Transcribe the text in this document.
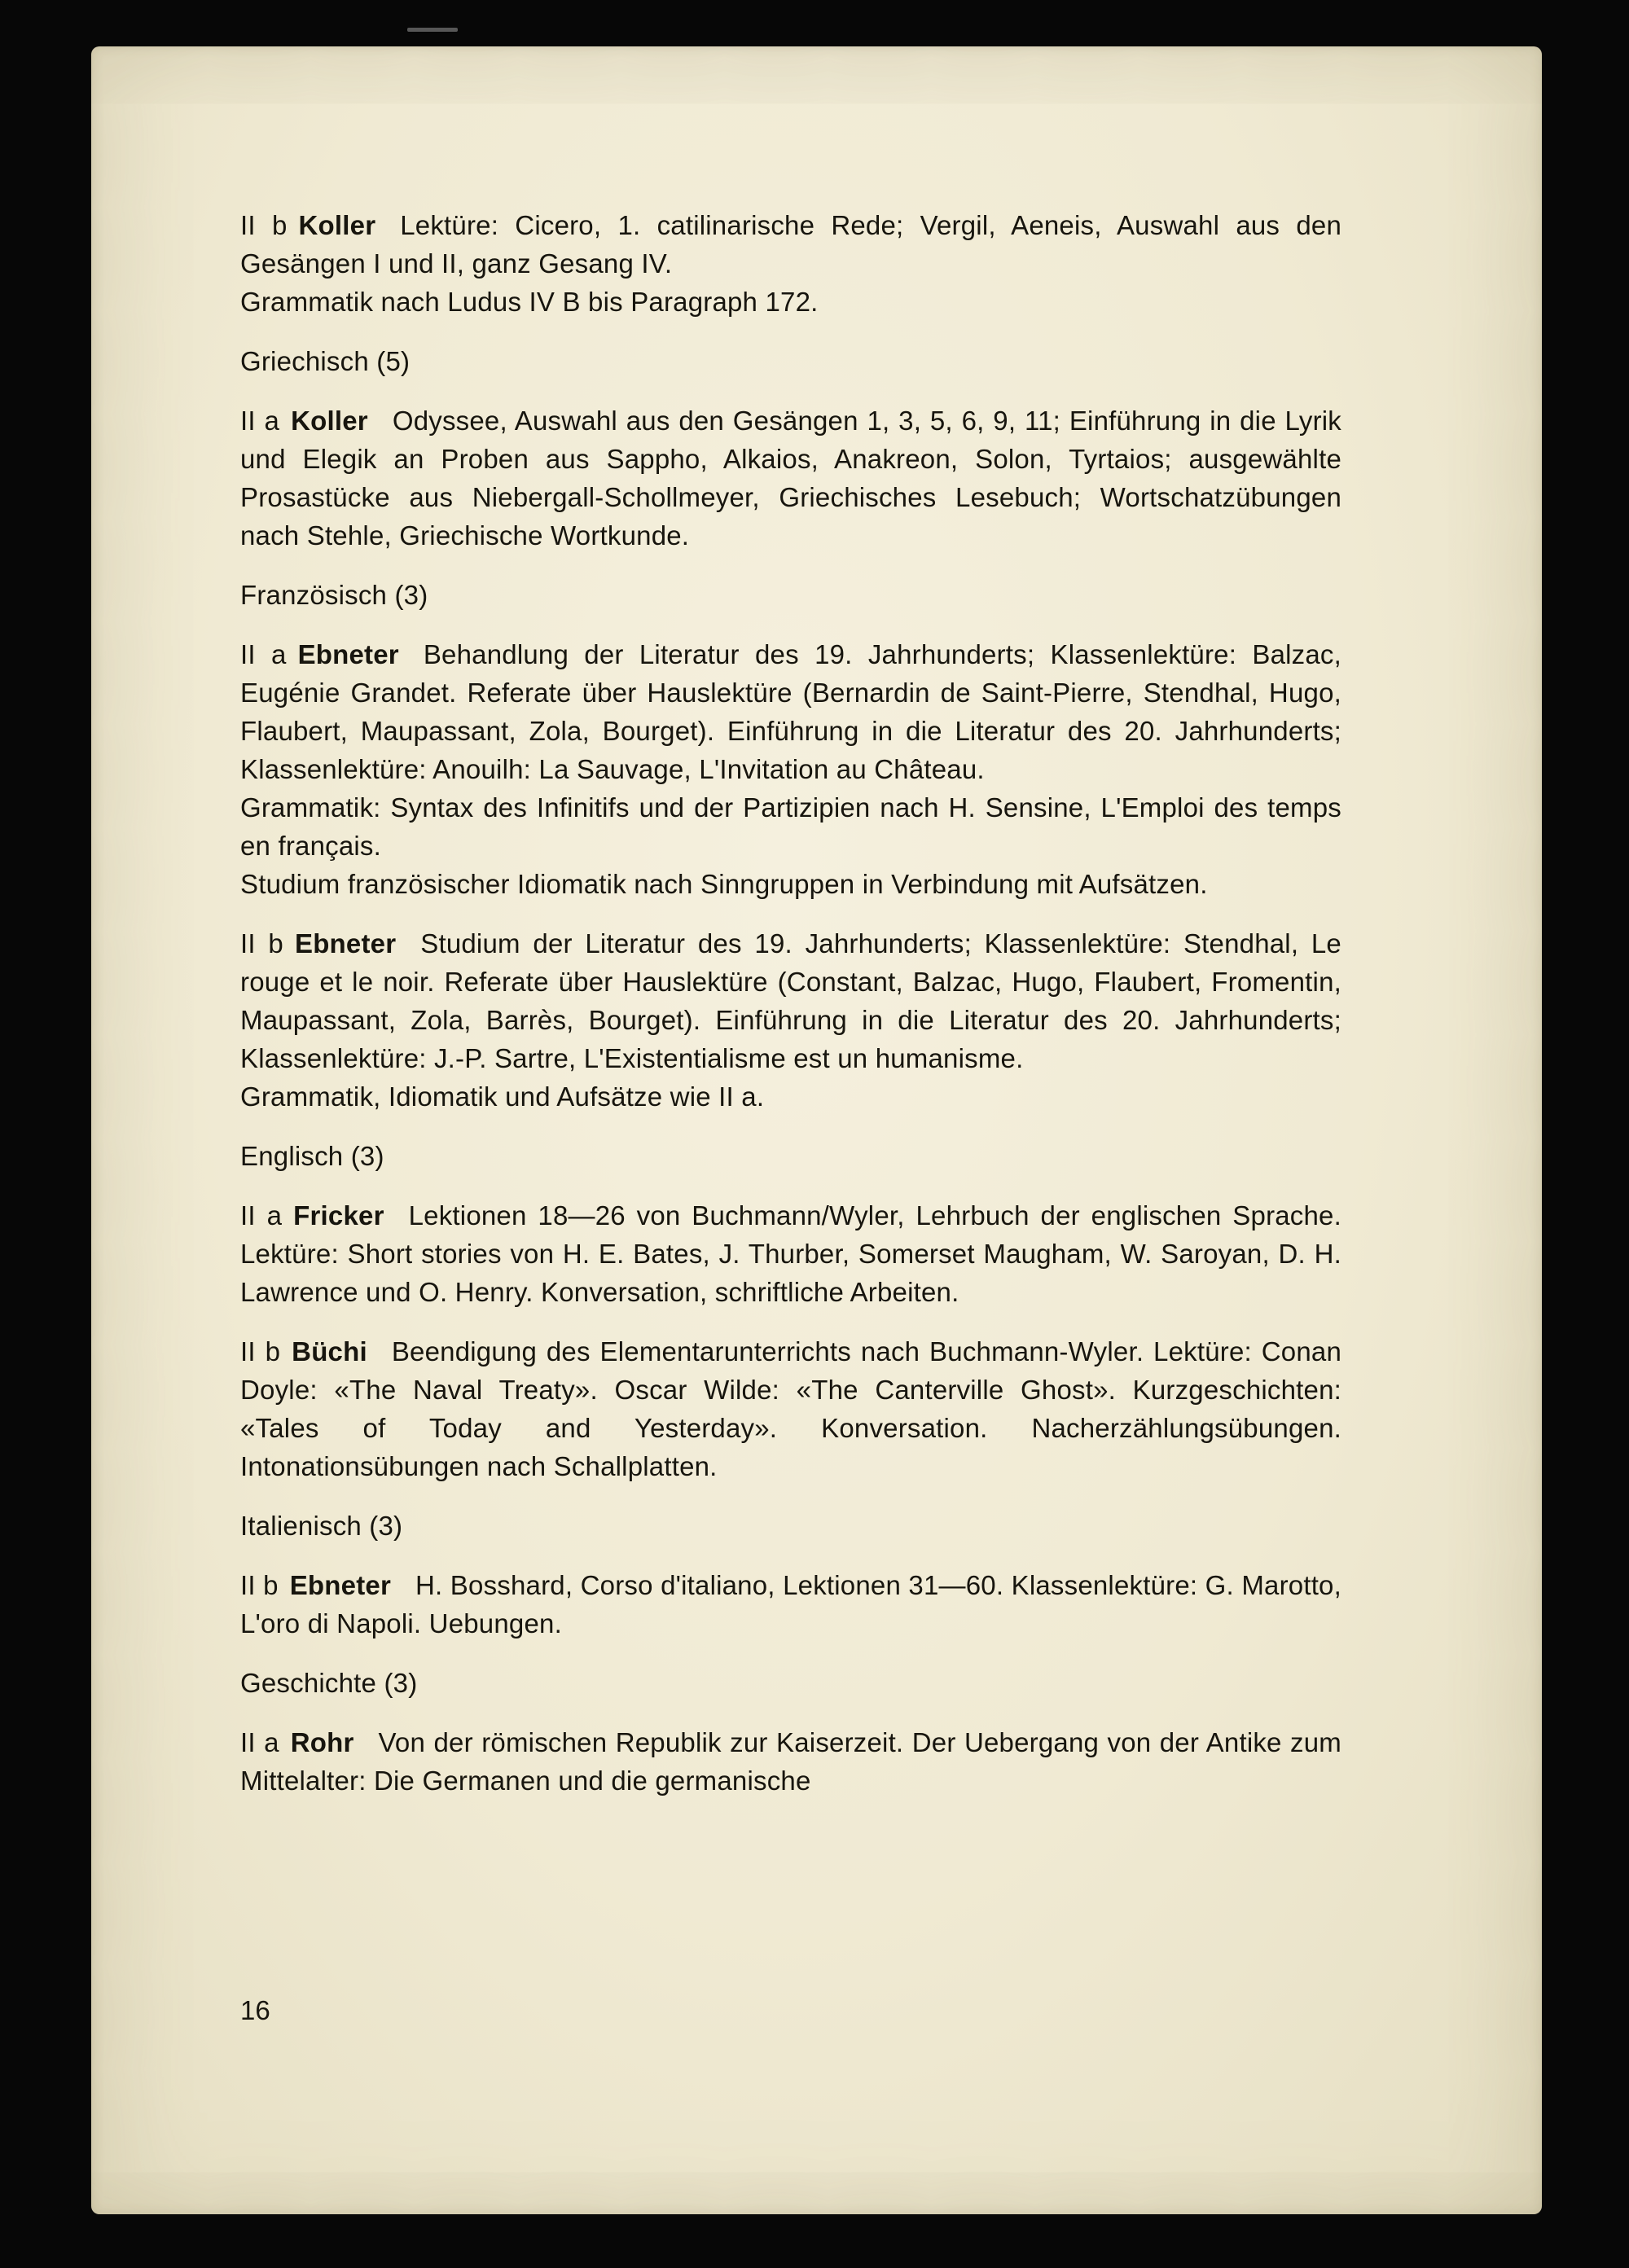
II b Koller Lektüre: Cicero, 1. catilinarische Rede; Vergil, Aeneis, Auswahl aus den Gesängen I und II, ganz Gesang IV.
Grammatik nach Ludus IV B bis Paragraph 172.
Griechisch (5)
II a Koller Odyssee, Auswahl aus den Gesängen 1, 3, 5, 6, 9, 11; Einführung in die Lyrik und Elegik an Proben aus Sappho, Alkaios, Anakreon, Solon, Tyrtaios; ausgewählte Prosastücke aus Niebergall-Schollmeyer, Griechisches Lesebuch; Wortschatzübungen nach Stehle, Griechische Wortkunde.
Französisch (3)
II a Ebneter Behandlung der Literatur des 19. Jahrhunderts; Klassenlektüre: Balzac, Eugénie Grandet. Referate über Hauslektüre (Bernardin de Saint-Pierre, Stendhal, Hugo, Flaubert, Maupassant, Zola, Bourget). Einführung in die Literatur des 20. Jahrhunderts; Klassenlektüre: Anouilh: La Sauvage, L'Invitation au Château.
Grammatik: Syntax des Infinitifs und der Partizipien nach H. Sensine, L'Emploi des temps en français.
Studium französischer Idiomatik nach Sinngruppen in Verbindung mit Aufsätzen.
II b Ebneter Studium der Literatur des 19. Jahrhunderts; Klassenlektüre: Stendhal, Le rouge et le noir. Referate über Hauslektüre (Constant, Balzac, Hugo, Flaubert, Fromentin, Maupassant, Zola, Barrès, Bourget). Einführung in die Literatur des 20. Jahrhunderts; Klassenlektüre: J.-P. Sartre, L'Existentialisme est un humanisme.
Grammatik, Idiomatik und Aufsätze wie II a.
Englisch (3)
II a Fricker Lektionen 18—26 von Buchmann/Wyler, Lehrbuch der englischen Sprache. Lektüre: Short stories von H. E. Bates, J. Thurber, Somerset Maugham, W. Saroyan, D. H. Lawrence und O. Henry. Konversation, schriftliche Arbeiten.
II b Büchi Beendigung des Elementarunterrichts nach Buchmann-Wyler. Lektüre: Conan Doyle: «The Naval Treaty». Oscar Wilde: «The Canterville Ghost». Kurzgeschichten: «Tales of Today and Yesterday». Konversation. Nacherzählungsübungen. Intonationsübungen nach Schallplatten.
Italienisch (3)
II b Ebneter H. Bosshard, Corso d'italiano, Lektionen 31—60. Klassenlektüre: G. Marotto, L'oro di Napoli. Uebungen.
Geschichte (3)
II a Rohr Von der römischen Republik zur Kaiserzeit. Der Uebergang von der Antike zum Mittelalter: Die Germanen und die germanische
16
